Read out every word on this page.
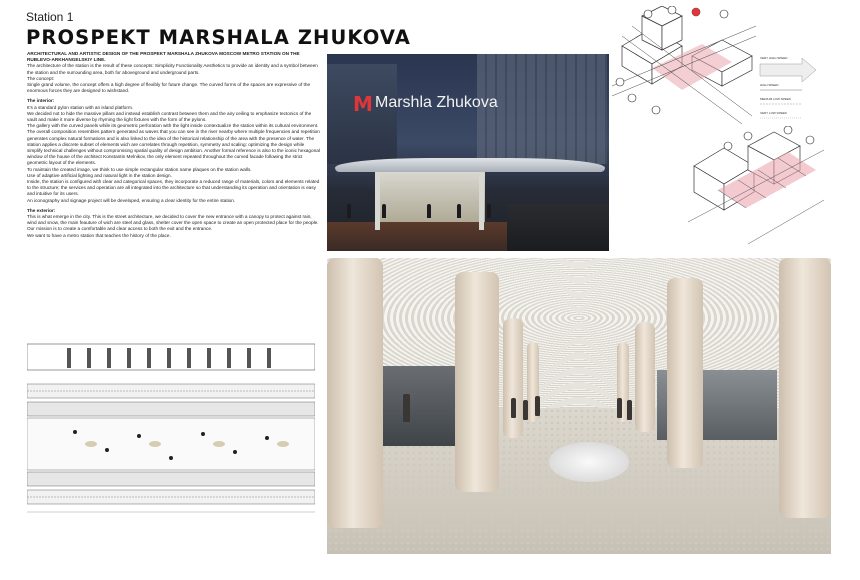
Station 1
PROSPEKT MARSHALA ZHUKOVA

ARCHITECTURAL AND ARTISTIC DESIGN OF THE PROSPEKT MARSHALA ZHUKOVA MOSCOW METRO STATION ON THE RUBLEVO-ARKHANGELSKIY LINE.

The architecture of the station is the result of these concepts: Simplicity Functionality Aesthetics to provide an identity and a symbol between the station and the surrounding area, both for aboveground and underground parts.

The concept:

Single grand volume, the concept offers a high degree of flexibly for future change. The curved forms of the spaces are expressive of the enormous forces they are designed to wishstand.

The interior:

It's a standard pylon station with an island platform.

We decided not to hide the massive pillars and instead establish contrast between them and the airy ceiling to emphasize tectonics of the vault and make it more diverse by rhyming the light fixtures with the form of the pylons.

The gallery with the curved panels while its geometric perforation with the light inside contextualize the station within its cultural environment.

The overall composition resembles pattern generated as waves that you can see in the river nearby where multiple frequencies and repetition generates complex natural formations and is also linked to the idea of the historical relationship of the area with the presence of water. The station applies a discrete subset of elements wich are correlates through repetition, symmetry and scaling: optimizing the design while simplify technical challenges without compromising spatial quality of design ambition. Another formal reference is also to the iconic hexagonal window of the house of the architect Konstantin Melnikov, the only element repeated throughout the curved facade following the strict geometric layout of the elements.

To maintain the created image, we think to use simple rectangular station name plaques on the station walls.

Use of adaptive artificial lighting and natural light in the station design.

Inside, the station is configured with clear and categorical spaces, they incorporate a reduced range of materials, colors and elements related to the structure; the services and operation are all integrated into the architecture so that understanding its operation and orientation is easy and intuitive for its users.

An iconography and signage project will be developed, ensuring a clear identity for the entire station.

The exterior:

This is what emerge in the city. This is the street architecture, we decided to cover the new entrance with a canopy to protect against rain, wind and snow, the main feauture of wich are steel and glass, shelter cover the open space to create an open protected place for the people.

Our mission is to create a comfortable and clear access to both the exit and the entrance.

We want to have a metro station that teaches the history of the place.

M Marshla Zhukova
VERY HIGH SPEED
HIGH SPEED
MEDIUM LOW SPEED
VERY LOW SPEED
